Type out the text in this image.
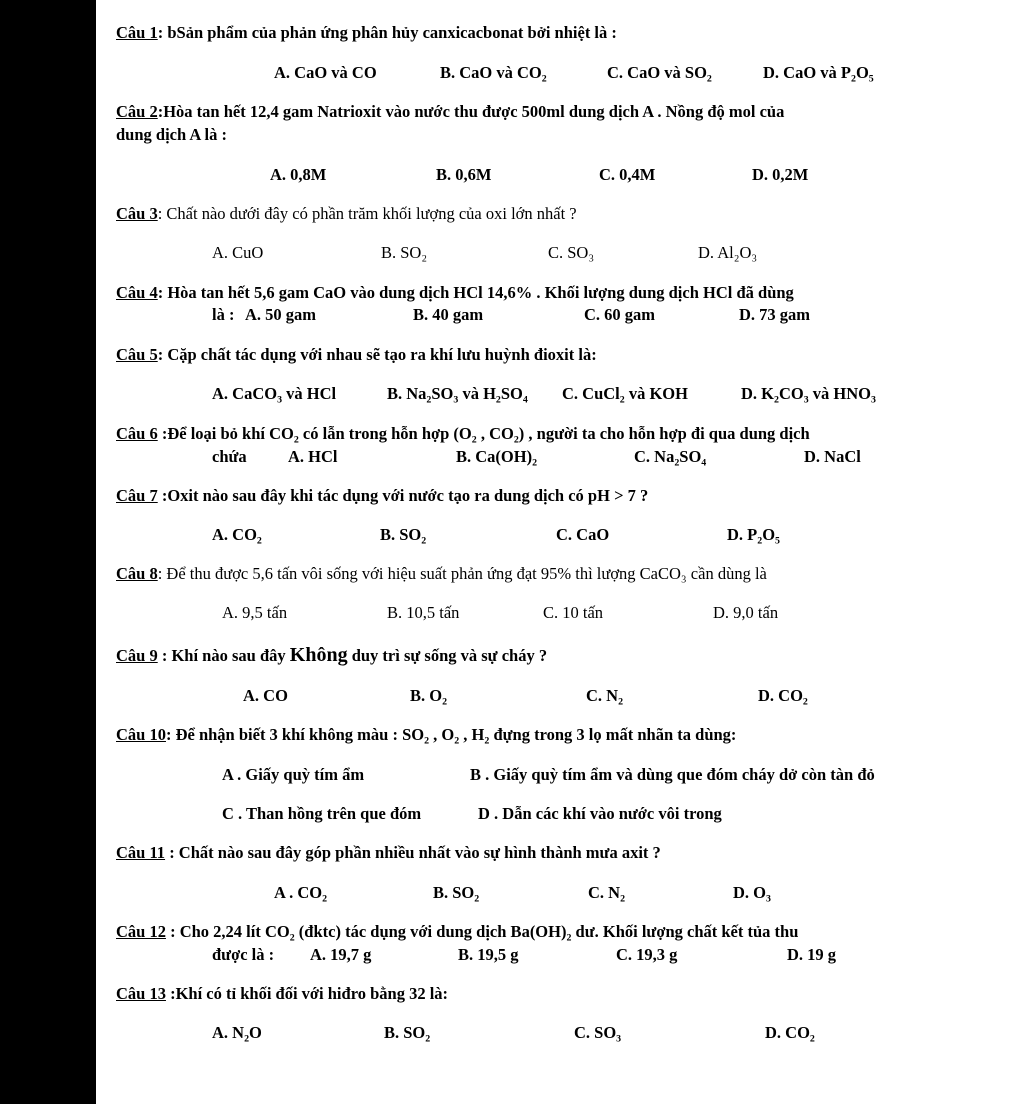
Câu 1: bSản phẩm của phản ứng phân hủy canxicacbonat bởi nhiệt là :
A. CaO và CO	B. CaO và CO₂	C. CaO và SO₂	D. CaO và P₂O₅
Câu 2:Hòa tan hết 12,4 gam Natrioxit vào nước thu được 500ml dung dịch A . Nồng độ mol của
dung dịch A là :
A. 0,8M	B. 0,6M	C. 0,4M	D. 0,2M
Câu 3: Chất nào dưới đây có phần trăm khối lượng của oxi lớn nhất ?
A. CuO	B. SO₂	C. SO₃	D. Al₂O₃
Câu 4: Hòa tan hết 5,6 gam CaO vào dung dịch HCl 14,6% . Khối lượng dung dịch HCl đã dùng
là : A. 50 gam	B. 40 gam	C. 60 gam	D. 73 gam
Câu 5: Cặp chất tác dụng với nhau sẽ tạo ra khí lưu huỳnh đioxit là:
A. CaCO₃ và HCl	B. Na₂SO₃ và H₂SO₄ C. CuCl₂ và KOH	D. K₂CO₃ và HNO₃
Câu 6 :Để loại bỏ khí CO₂ có lẫn trong hỗn hợp (O₂ , CO₂) , người ta cho hỗn hợp đi qua dung dịch
chứa	A. HCl	B. Ca(OH)₂	C. Na₂SO₄	D. NaCl
Câu 7 :Oxit nào sau đây khi tác dụng với nước tạo ra dung dịch có pH > 7 ?
A. CO₂	B. SO₂	C. CaO	D. P₂O₅
Câu 8: Để thu được 5,6 tấn vôi sống với hiệu suất phản ứng đạt 95% thì lượng CaCO₃ cần dùng là
A. 9,5 tấn	B. 10,5 tấn	C. 10 tấn	D. 9,0 tấn
Câu 9 : Khí nào sau đây Không duy trì sự sống và sự cháy ?
A. CO	B. O₂	C. N₂	D. CO₂
Câu 10: Để nhận biết 3 khí không màu : SO₂ , O₂ , H₂ đựng trong 3 lọ mất nhãn ta dùng:
A . Giấy quỳ tím ẩm	B . Giấy quỳ tím ẩm và dùng que đóm cháy dở còn tàn đỏ
C . Than hồng trên que đóm	D . Dẫn các khí vào nước vôi trong
Câu 11 : Chất nào sau đây góp phần nhiều nhất vào sự hình thành mưa axit ?
A . CO₂	B. SO₂	C. N₂	D. O₃
Câu 12 : Cho 2,24 lít CO₂ (đktc) tác dụng với dung dịch Ba(OH)₂ dư. Khối lượng chất kết tủa thu
được là : A. 19,7 g	B. 19,5 g	C. 19,3 g	D. 19 g
Câu 13 :Khí có tỉ khối đối với hiđro bằng 32 là:
A. N₂O	B. SO₂	C. SO₃	D. CO₂
